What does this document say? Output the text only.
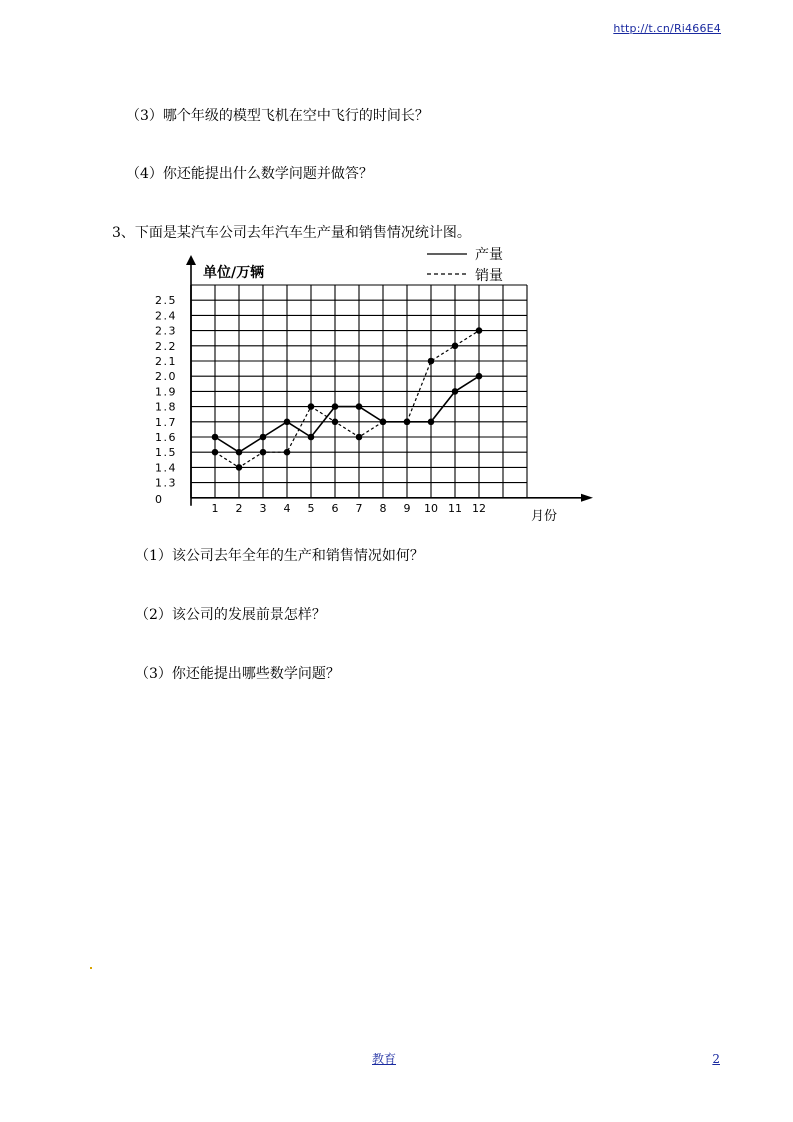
http://t.cn/Ri466E4
（3）哪个年级的模型飞机在空中飞行的时间长？
（4）你还能提出什么数学问题并做答？
3、下面是某汽车公司去年汽车生产量和销售情况统计图。
单位/万辆
月份
0
1.3
1.4
1.5
1.6
1.7
1.8
1.9
2.0
2.1
2.2
2.3
2.4
2.5
1 2 3 4 5 6 7 8 9 10 11 12
产量
销量
（1）该公司去年全年的生产和销售情况如何？
（2）该公司的发展前景怎样？
（3）你还能提出哪些数学问题？
教育	2
